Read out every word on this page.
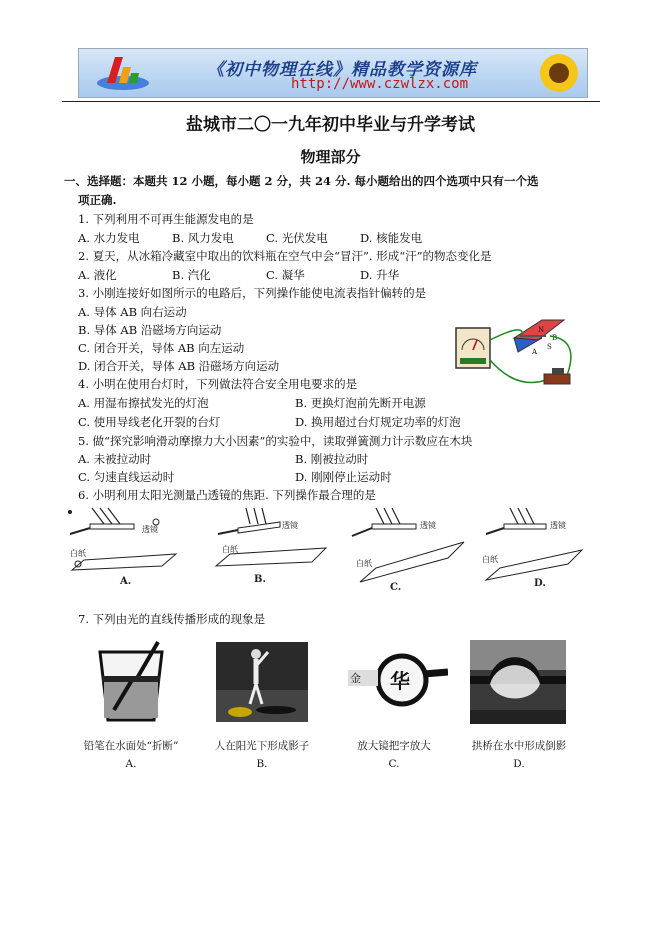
《初中物理在线》精品教学资源库
http://www.czwlzx.com
盐城市二〇一九年初中毕业与升学考试
物理部分
一、选择题：本题共 12 小题，每小题 2 分，共 24 分. 每小题给出的四个选项中只有一个选
项正确.
1. 下列利用不可再生能源发电的是
A. 水力发电	B. 风力发电	C. 光伏发电	D. 核能发电
2. 夏天，从冰箱冷藏室中取出的饮料瓶在空气中会“冒汗”. 形成“汗”的物态变化是
A. 液化	B. 汽化	C. 凝华	D. 升华
3. 小刚连接好如图所示的电路后，下列操作能使电流表指针偏转的是
A. 导体 AB 向右运动
B. 导体 AB 沿磁场方向运动
C. 闭合开关，导体 AB 向左运动
D. 闭合开关，导体 AB 沿磁场方向运动
N
S
A
B
4. 小明在使用台灯时，下列做法符合安全用电要求的是
A. 用湿布擦拭发光的灯泡	B. 更换灯泡前先断开电源
C. 使用导线老化开裂的台灯	D. 换用超过台灯规定功率的灯泡
5. 做“探究影响滑动摩擦力大小因素”的实验中，读取弹簧测力计示数应在木块
A. 未被拉动时	B. 刚被拉动时
C. 匀速直线运动时	D. 刚刚停止运动时
6. 小明利用太阳光测量凸透镜的焦距. 下列操作最合理的是
透镜
白纸
A.
透镜
白纸
B.
透镜
白纸
C.
透镜
白纸
D.
7. 下列由光的直线传播形成的现象是
铅笔在水面处“折断”
A.
人在阳光下形成影子
B.
华
金
放大镜把字放大
C.
拱桥在水中形成倒影
D.
